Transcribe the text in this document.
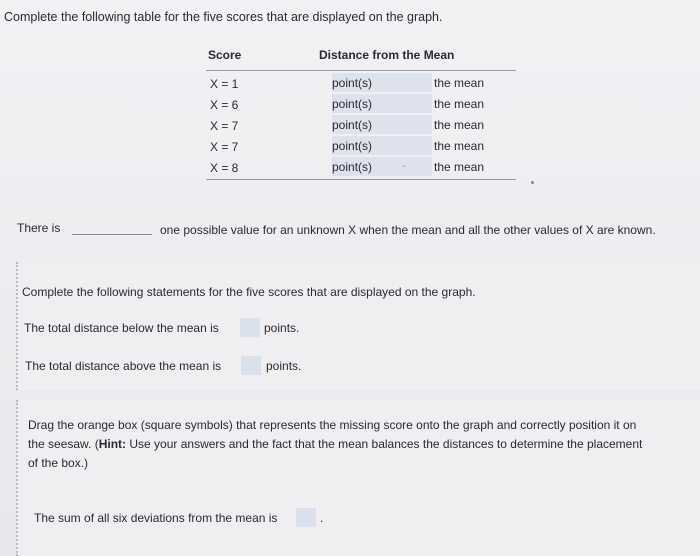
Complete the following table for the five scores that are displayed on the graph.
Score	Distance from the Mean
X = 1	point(s)	the mean
X = 6	point(s)	the mean
X = 7	point(s)	the mean
X = 7	point(s)	the mean
X = 8	point(s)	- the mean
There is	one possible value for an unknown X when the mean and all the other values of X are known.
Complete the following statements for the five scores that are displayed on the graph.
The total distance below the mean is	points.
The total distance above the mean is	points.
Drag the orange box (square symbols) that represents the missing score onto the graph and correctly position it on
the seesaw. (Hint: Use your answers and the fact that the mean balances the distances to determine the placement
of the box.)
The sum of all six deviations from the mean is	.
